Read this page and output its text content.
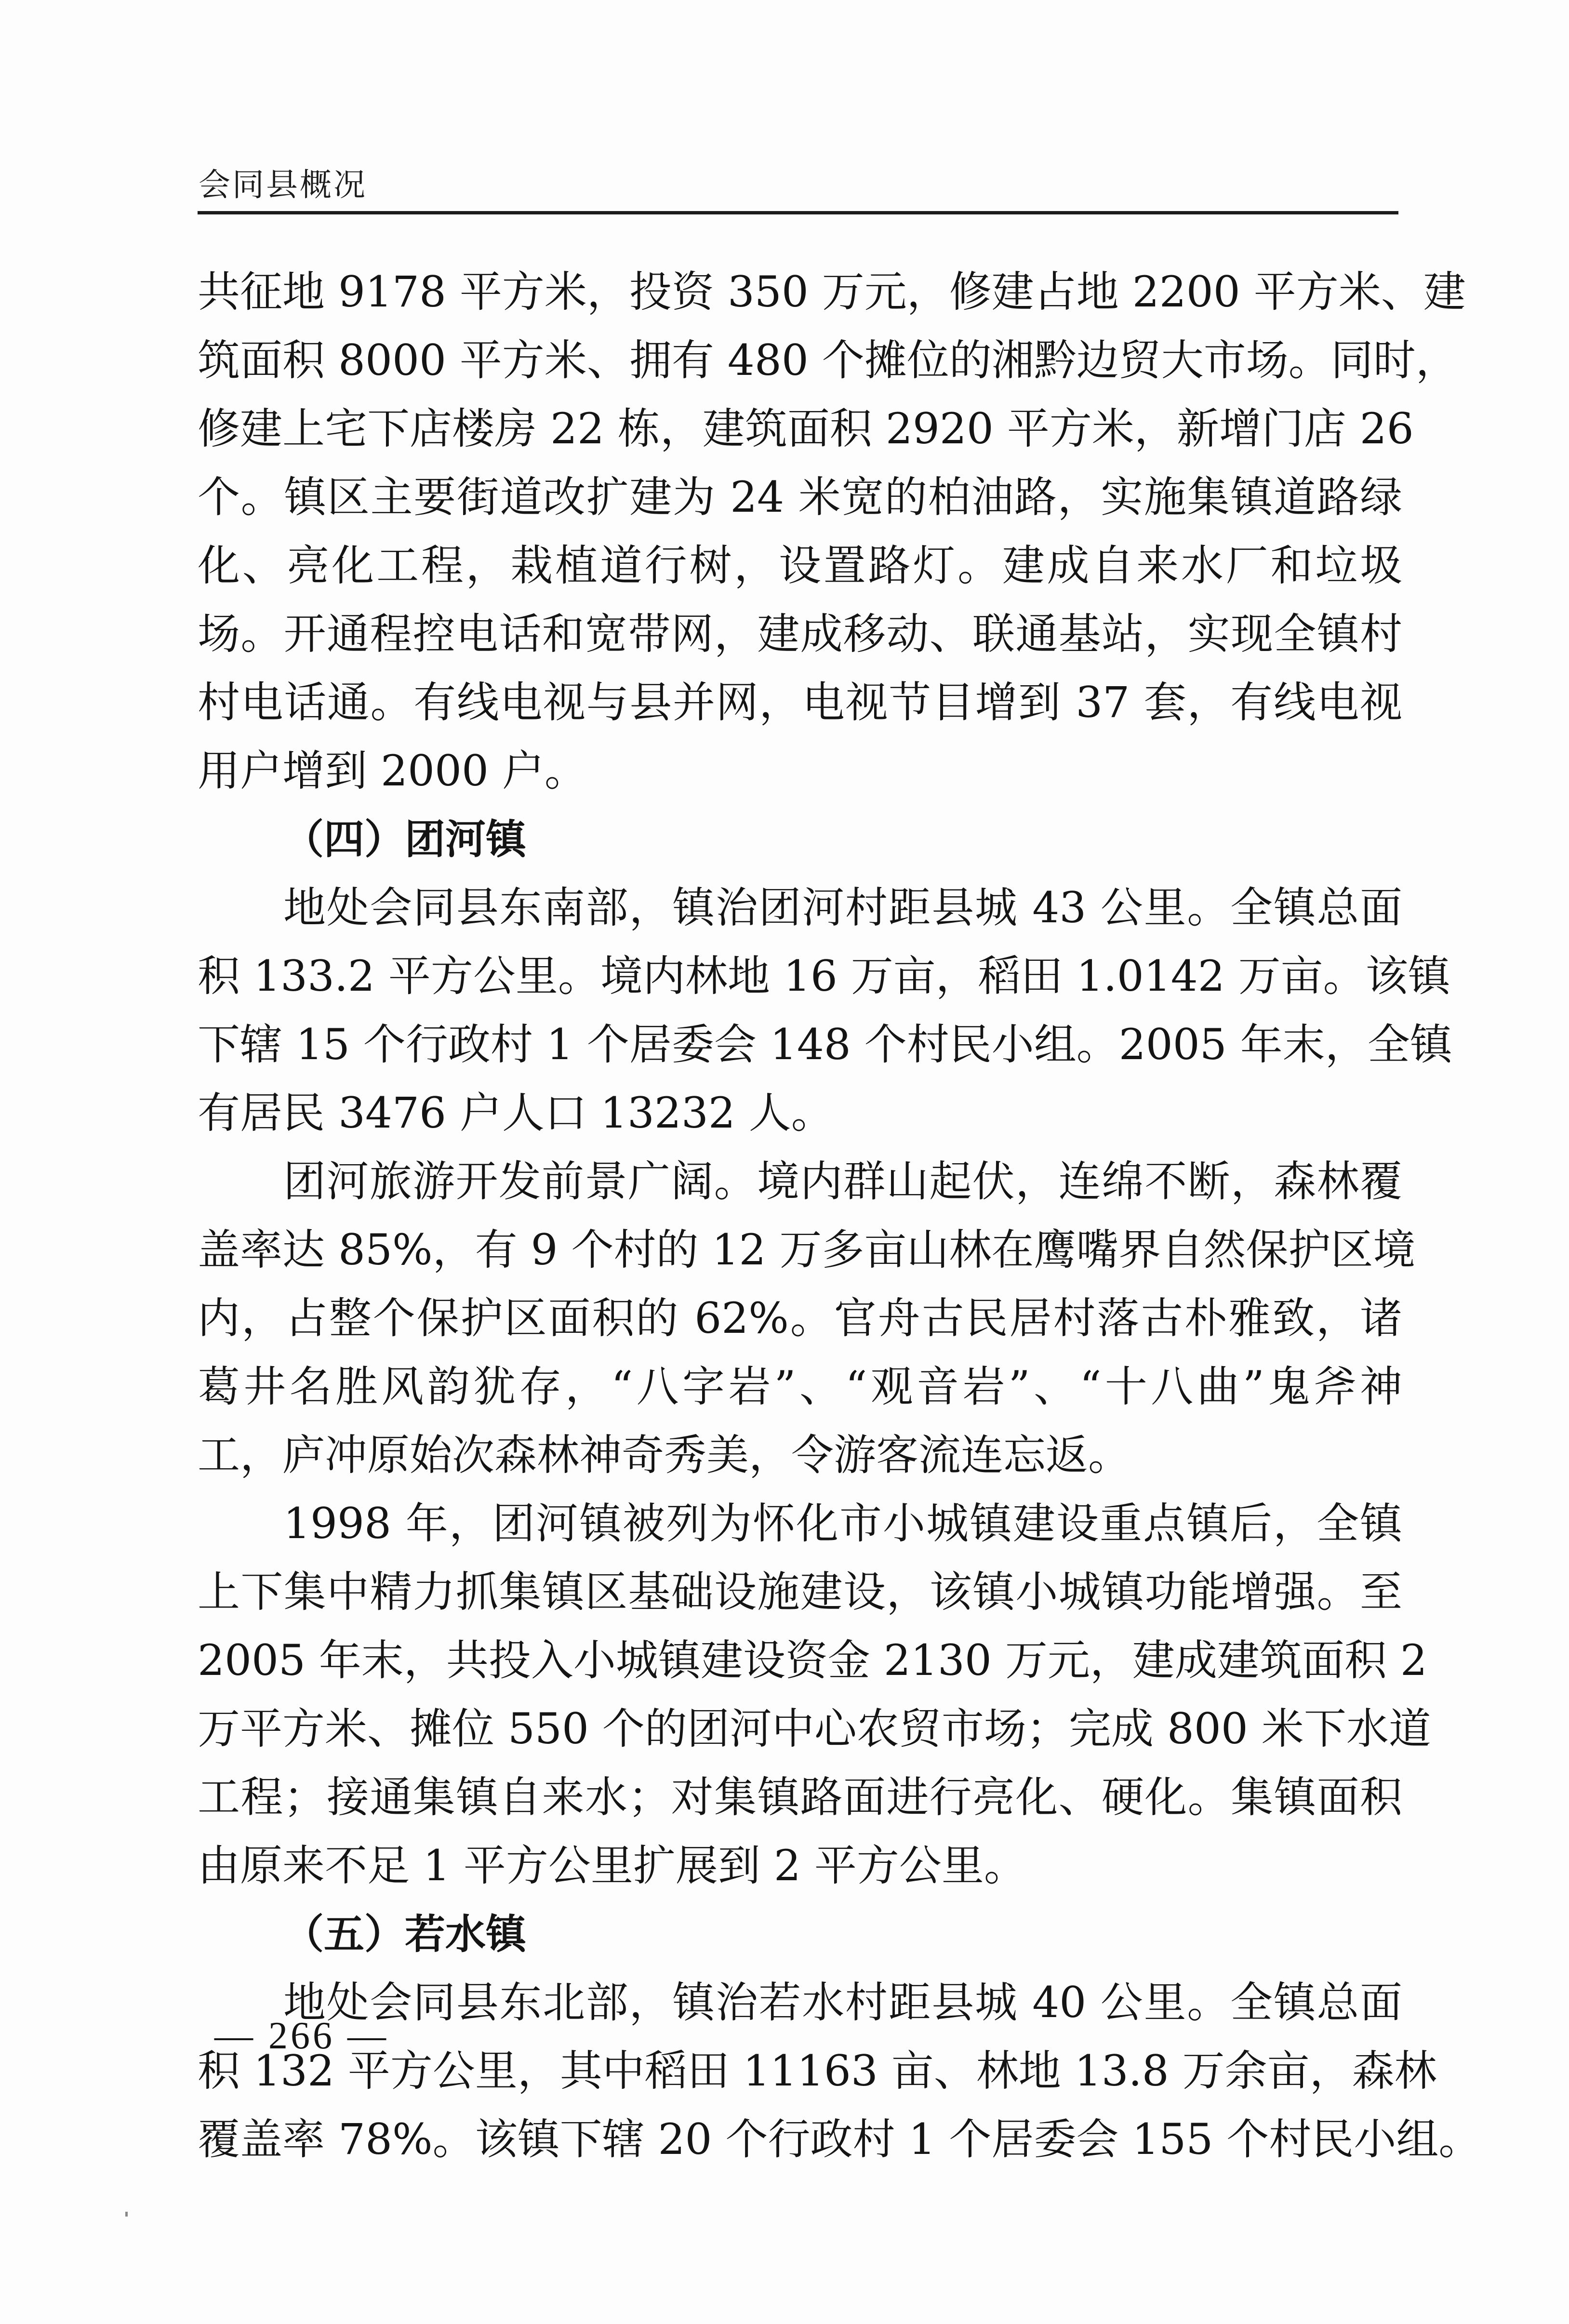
会同县概况
共征地 9178 平方米，投资 350 万元，修建占地 2200 平方米、建
筑面积 8000 平方米、拥有 480 个摊位的湘黔边贸大市场。同时，
修建上宅下店楼房 22 栋，建筑面积 2920 平方米，新增门店 26
个。镇区主要街道改扩建为 24 米宽的柏油路，实施集镇道路绿
化、亮化工程，栽植道行树，设置路灯。建成自来水厂和垃圾
场。开通程控电话和宽带网，建成移动、联通基站，实现全镇村
村电话通。有线电视与县并网，电视节目增到 37 套，有线电视
用户增到 2000 户。
（四）团河镇
地处会同县东南部，镇治团河村距县城 43 公里。全镇总面
积 133.2 平方公里。境内林地 16 万亩，稻田 1.0142 万亩。该镇
下辖 15 个行政村 1 个居委会 148 个村民小组。2005 年末，全镇
有居民 3476 户人口 13232 人。
团河旅游开发前景广阔。境内群山起伏，连绵不断，森林覆
盖率达 85%，有 9 个村的 12 万多亩山林在鹰嘴界自然保护区境
内，占整个保护区面积的 62%。官舟古民居村落古朴雅致，诸
葛井名胜风韵犹存，“八字岩”、“观音岩”、“十八曲”鬼斧神
工，庐冲原始次森林神奇秀美，令游客流连忘返。
1998 年，团河镇被列为怀化市小城镇建设重点镇后，全镇
上下集中精力抓集镇区基础设施建设，该镇小城镇功能增强。至
2005 年末，共投入小城镇建设资金 2130 万元，建成建筑面积 2
万平方米、摊位 550 个的团河中心农贸市场；完成 800 米下水道
工程；接通集镇自来水；对集镇路面进行亮化、硬化。集镇面积
由原来不足 1 平方公里扩展到 2 平方公里。
（五）若水镇
地处会同县东北部，镇治若水村距县城 40 公里。全镇总面
积 132 平方公里，其中稻田 11163 亩、林地 13.8 万余亩，森林
覆盖率 78%。该镇下辖 20 个行政村 1 个居委会 155 个村民小组。
— 266 —
